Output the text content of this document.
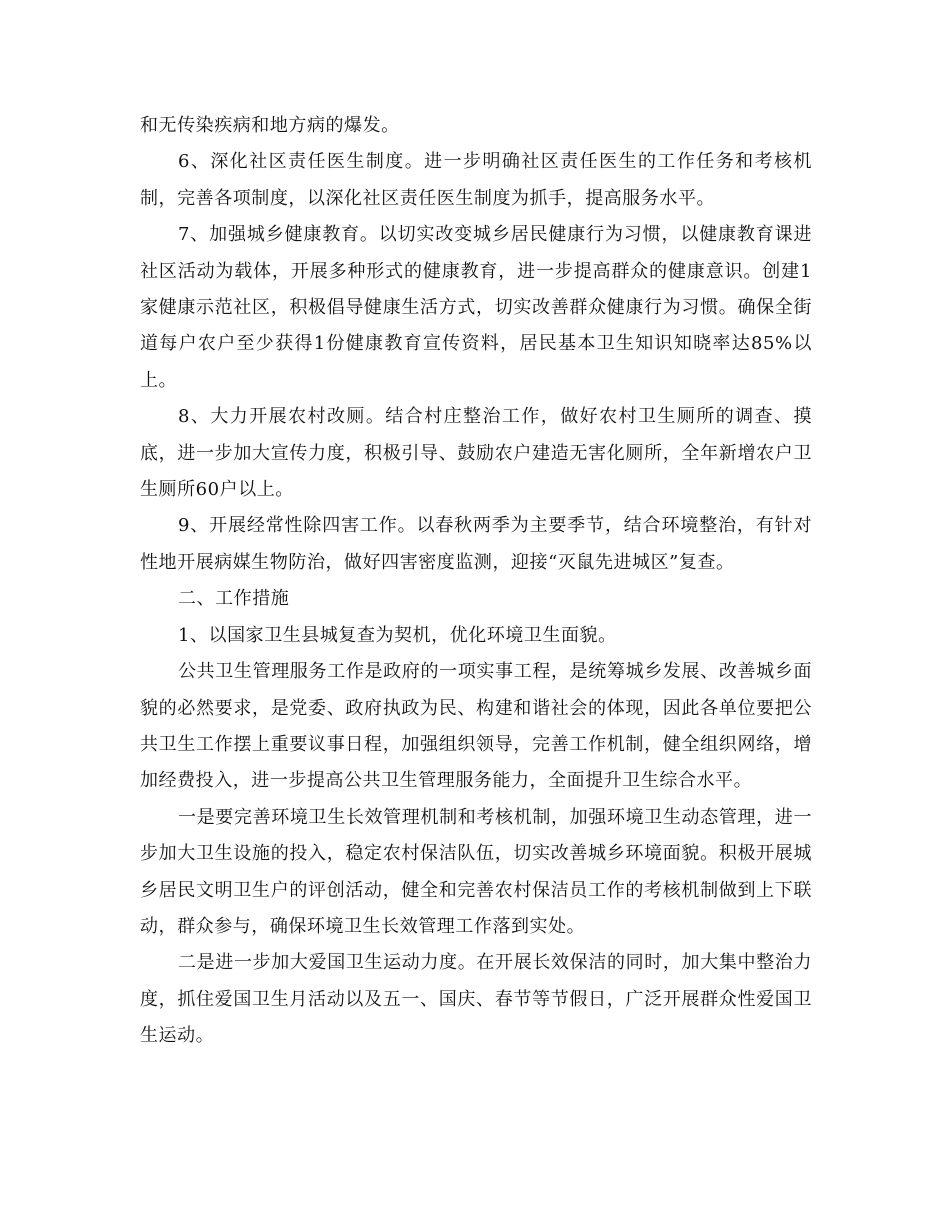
和无传染疾病和地方病的爆发。

6、深化社区责任医生制度。进一步明确社区责任医生的工作任务和考核机制，完善各项制度，以深化社区责任医生制度为抓手，提高服务水平。

7、加强城乡健康教育。以切实改变城乡居民健康行为习惯，以健康教育课进社区活动为载体，开展多种形式的健康教育，进一步提高群众的健康意识。创建1家健康示范社区，积极倡导健康生活方式，切实改善群众健康行为习惯。确保全街道每户农户至少获得1份健康教育宣传资料，居民基本卫生知识知晓率达85%以上。

8、大力开展农村改厕。结合村庄整治工作，做好农村卫生厕所的调查、摸底，进一步加大宣传力度，积极引导、鼓励农户建造无害化厕所，全年新增农户卫生厕所60户以上。

9、开展经常性除四害工作。以春秋两季为主要季节，结合环境整治，有针对性地开展病媒生物防治，做好四害密度监测，迎接“灭鼠先进城区”复查。

二、工作措施

1、以国家卫生县城复查为契机，优化环境卫生面貌。

公共卫生管理服务工作是政府的一项实事工程，是统筹城乡发展、改善城乡面貌的必然要求，是党委、政府执政为民、构建和谐社会的体现，因此各单位要把公共卫生工作摆上重要议事日程，加强组织领导，完善工作机制，健全组织网络，增加经费投入，进一步提高公共卫生管理服务能力，全面提升卫生综合水平。

一是要完善环境卫生长效管理机制和考核机制，加强环境卫生动态管理，进一步加大卫生设施的投入，稳定农村保洁队伍，切实改善城乡环境面貌。积极开展城乡居民文明卫生户的评创活动，健全和完善农村保洁员工作的考核机制做到上下联动，群众参与，确保环境卫生长效管理工作落到实处。

二是进一步加大爱国卫生运动力度。在开展长效保洁的同时，加大集中整治力度，抓住爱国卫生月活动以及五一、国庆、春节等节假日，广泛开展群众性爱国卫生运动。
